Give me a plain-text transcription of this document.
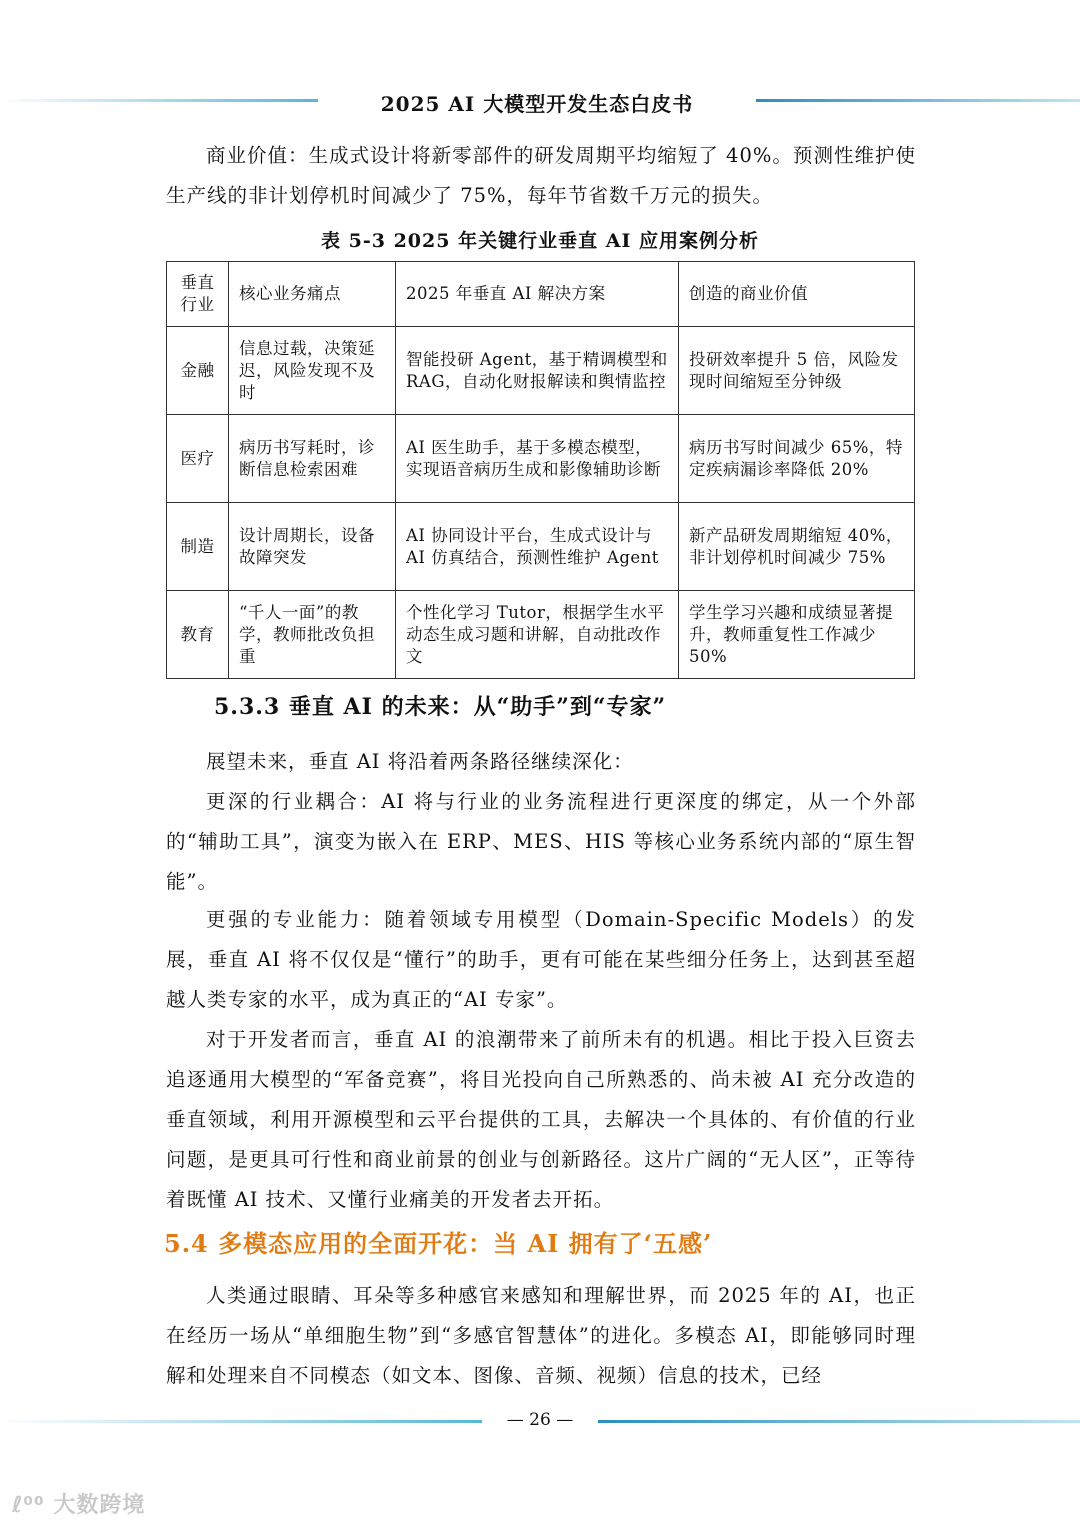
2025 AI 大模型开发生态白皮书

商业价值：生成式设计将新零部件的研发周期平均缩短了 40%。预测性维护使生产线的非计划停机时间减少了 75%，每年节省数千万元的损失。

表 5-3 2025 年关键行业垂直 AI 应用案例分析
垂直行业	核心业务痛点	2025 年垂直 AI 解决方案	创造的商业价值
金融	信息过载，决策延迟，风险发现不及时	智能投研 Agent，基于精调模型和 RAG，自动化财报解读和舆情监控	投研效率提升 5 倍，风险发现时间缩短至分钟级
医疗	病历书写耗时，诊断信息检索困难	AI 医生助手，基于多模态模型，实现语音病历生成和影像辅助诊断	病历书写时间减少 65%，特定疾病漏诊率降低 20%
制造	设计周期长，设备故障突发	AI 协同设计平台，生成式设计与 AI 仿真结合，预测性维护 Agent	新产品研发周期缩短 40%，非计划停机时间减少 75%
教育	“千人一面”的教学，教师批改负担重	个性化学习 Tutor，根据学生水平动态生成习题和讲解，自动批改作文	学生学习兴趣和成绩显著提升，教师重复性工作减少 50%
5.3.3 垂直 AI 的未来：从“助手”到“专家”

展望未来，垂直 AI 将沿着两条路径继续深化：

更深的行业耦合：AI 将与行业的业务流程进行更深度的绑定，从一个外部的“辅助工具”，演变为嵌入在 ERP、MES、HIS 等核心业务系统内部的“原生智能”。

更强的专业能力：随着领域专用模型（Domain-Specific Models）的发展，垂直 AI 将不仅仅是“懂行”的助手，更有可能在某些细分任务上，达到甚至超越人类专家的水平，成为真正的“AI 专家”。

对于开发者而言，垂直 AI 的浪潮带来了前所未有的机遇。相比于投入巨资去追逐通用大模型的“军备竞赛”，将目光投向自己所熟悉的、尚未被 AI 充分改造的垂直领域，利用开源模型和云平台提供的工具，去解决一个具体的、有价值的行业问题，是更具可行性和商业前景的创业与创新路径。这片广阔的“无人区”，正等待着既懂 AI 技术、又懂行业痛美的开发者去开拓。

5.4 多模态应用的全面开花：当 AI 拥有了‘五感’

人类通过眼睛、耳朵等多种感官来感知和理解世界，而 2025 年的 AI，也正在经历一场从“单细胞生物”到“多感官智慧体”的进化。多模态 AI，即能够同时理解和处理来自不同模态（如文本、图像、音频、视频）信息的技术，已经

— 26 —
ℓ⁰⁰ 大数跨境
